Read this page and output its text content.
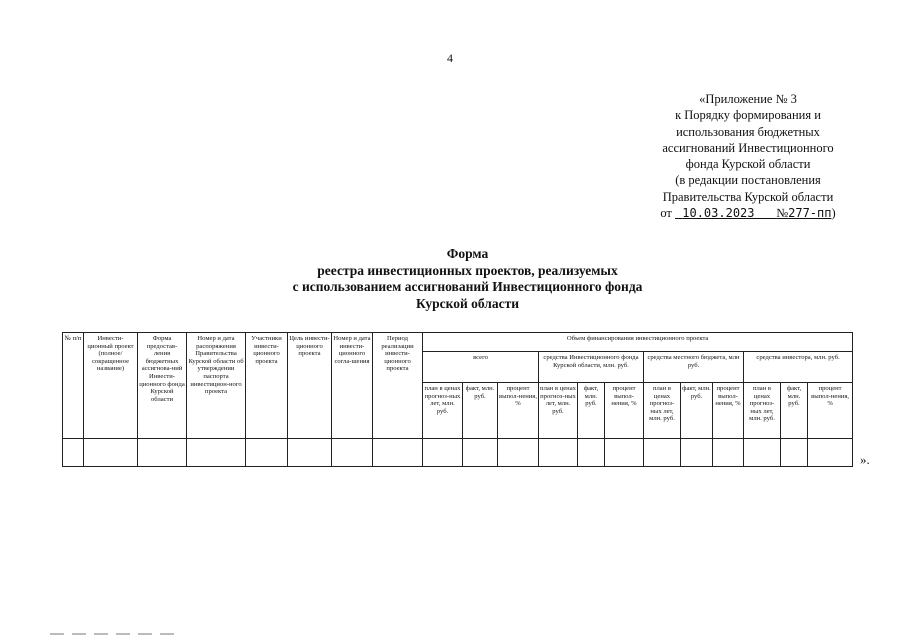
4
«Приложение № 3
к Порядку формирования и
использования бюджетных
ассигнований Инвестиционного
фонда Курской области
(в редакции постановления
Правительства Курской области
от 10.03.2023 №277-пп)
Форма
реестра инвестиционных проектов, реализуемых
с использованием ассигнований Инвестиционного фонда
Курской области
№ п/п	Инвести-ционный проект (полное/ сокращенное название)	Форма предостав-ления бюджетных ассигнова-ний Инвести-ционного фонда Курской области	Номер и дата распоряжения Правительства Курской области об утверждении паспорта инвестицион-ного проекта	Участники инвести-ционного проекта	Цель инвести-ционного проекта	Номер и дата инвести-ционного согла-шения	Период реализации инвести-ционного проекта	Объем финансирования инвестиционного проекта											
								всего			средства Инвестиционного фонда Курской области, млн. руб.			средства местного бюджета, млн руб.			средства инвестора, млн. руб.		
								план в ценах прогноз-ных лет, млн. руб.	факт, млн. руб.	процент выпол-нения, %	план в ценах прогноз-ных лет, млн. руб.	факт, млн. руб.	процент выпол-нения, %	план в ценах прогноз-ных лет, млн. руб.	факт, млн. руб.	процент выпол-нения, %	план в ценах прогноз-ных лет, млн. руб.	факт, млн. руб.	процент выпол-нения, %

».
